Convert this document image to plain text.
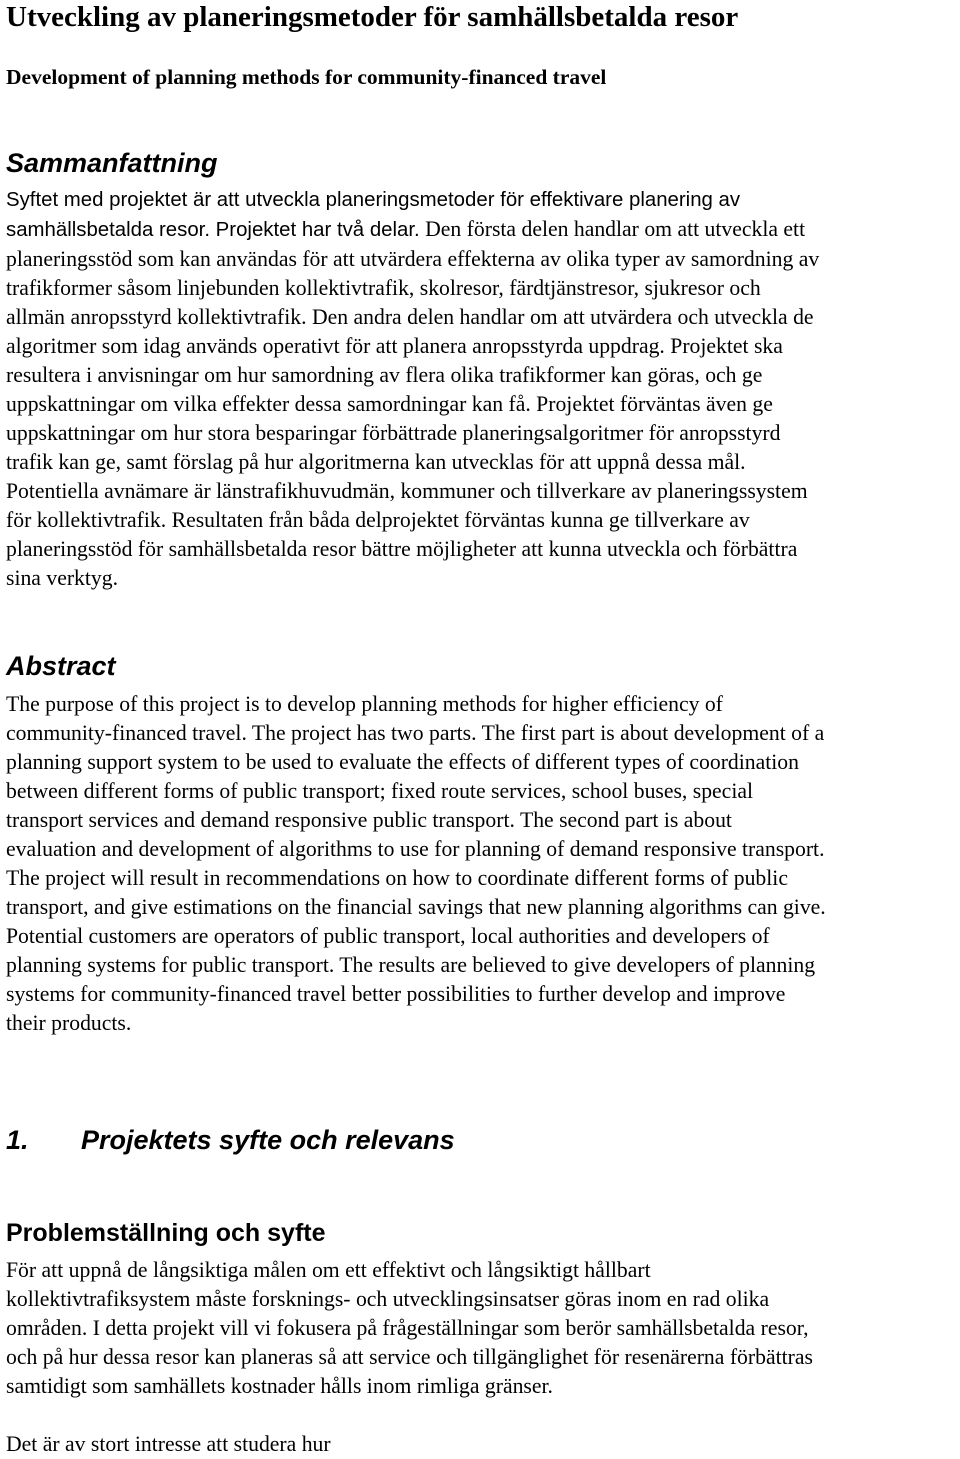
Utveckling av planeringsmetoder för samhällsbetalda resor
Development of planning methods for community-financed travel
Sammanfattning
Syftet med projektet är att utveckla planeringsmetoder för effektivare planering av
samhällsbetalda resor. Projektet har två delar. Den första delen handlar om att utveckla ett
planeringsstöd som kan användas för att utvärdera effekterna av olika typer av samordning av
trafikformer såsom linjebunden kollektivtrafik, skolresor, färdtjänstresor, sjukresor och
allmän anropsstyrd kollektivtrafik. Den andra delen handlar om att utvärdera och utveckla de
algoritmer som idag används operativt för att planera anropsstyrda uppdrag. Projektet ska
resultera i anvisningar om hur samordning av flera olika trafikformer kan göras, och ge
uppskattningar om vilka effekter dessa samordningar kan få. Projektet förväntas även ge
uppskattningar om hur stora besparingar förbättrade planeringsalgoritmer för anropsstyrd
trafik kan ge, samt förslag på hur algoritmerna kan utvecklas för att uppnå dessa mål.
Potentiella avnämare är länstrafikhuvudmän, kommuner och tillverkare av planeringssystem
för kollektivtrafik. Resultaten från båda delprojektet förväntas kunna ge tillverkare av
planeringsstöd för samhällsbetalda resor bättre möjligheter att kunna utveckla och förbättra
sina verktyg.
Abstract
The purpose of this project is to develop planning methods for higher efficiency of
community-financed travel. The project has two parts. The first part is about development of a
planning support system to be used to evaluate the effects of different types of coordination
between different forms of public transport; fixed route services, school buses, special
transport services and demand responsive public transport. The second part is about
evaluation and development of algorithms to use for planning of demand responsive transport.
The project will result in recommendations on how to coordinate different forms of public
transport, and give estimations on the financial savings that new planning algorithms can give.
Potential customers are operators of public transport, local authorities and developers of
planning systems for public transport. The results are believed to give developers of planning
systems for community-financed travel better possibilities to further develop and improve
their products.
1. Projektets syfte och relevans
Problemställning och syfte
För att uppnå de långsiktiga målen om ett effektivt och långsiktigt hållbart
kollektivtrafiksystem måste forsknings- och utvecklingsinsatser göras inom en rad olika
områden. I detta projekt vill vi fokusera på frågeställningar som berör samhällsbetalda resor,
och på hur dessa resor kan planeras så att service och tillgänglighet för resenärerna förbättras
samtidigt som samhällets kostnader hålls inom rimliga gränser.

Det är av stort intresse att studera hur
